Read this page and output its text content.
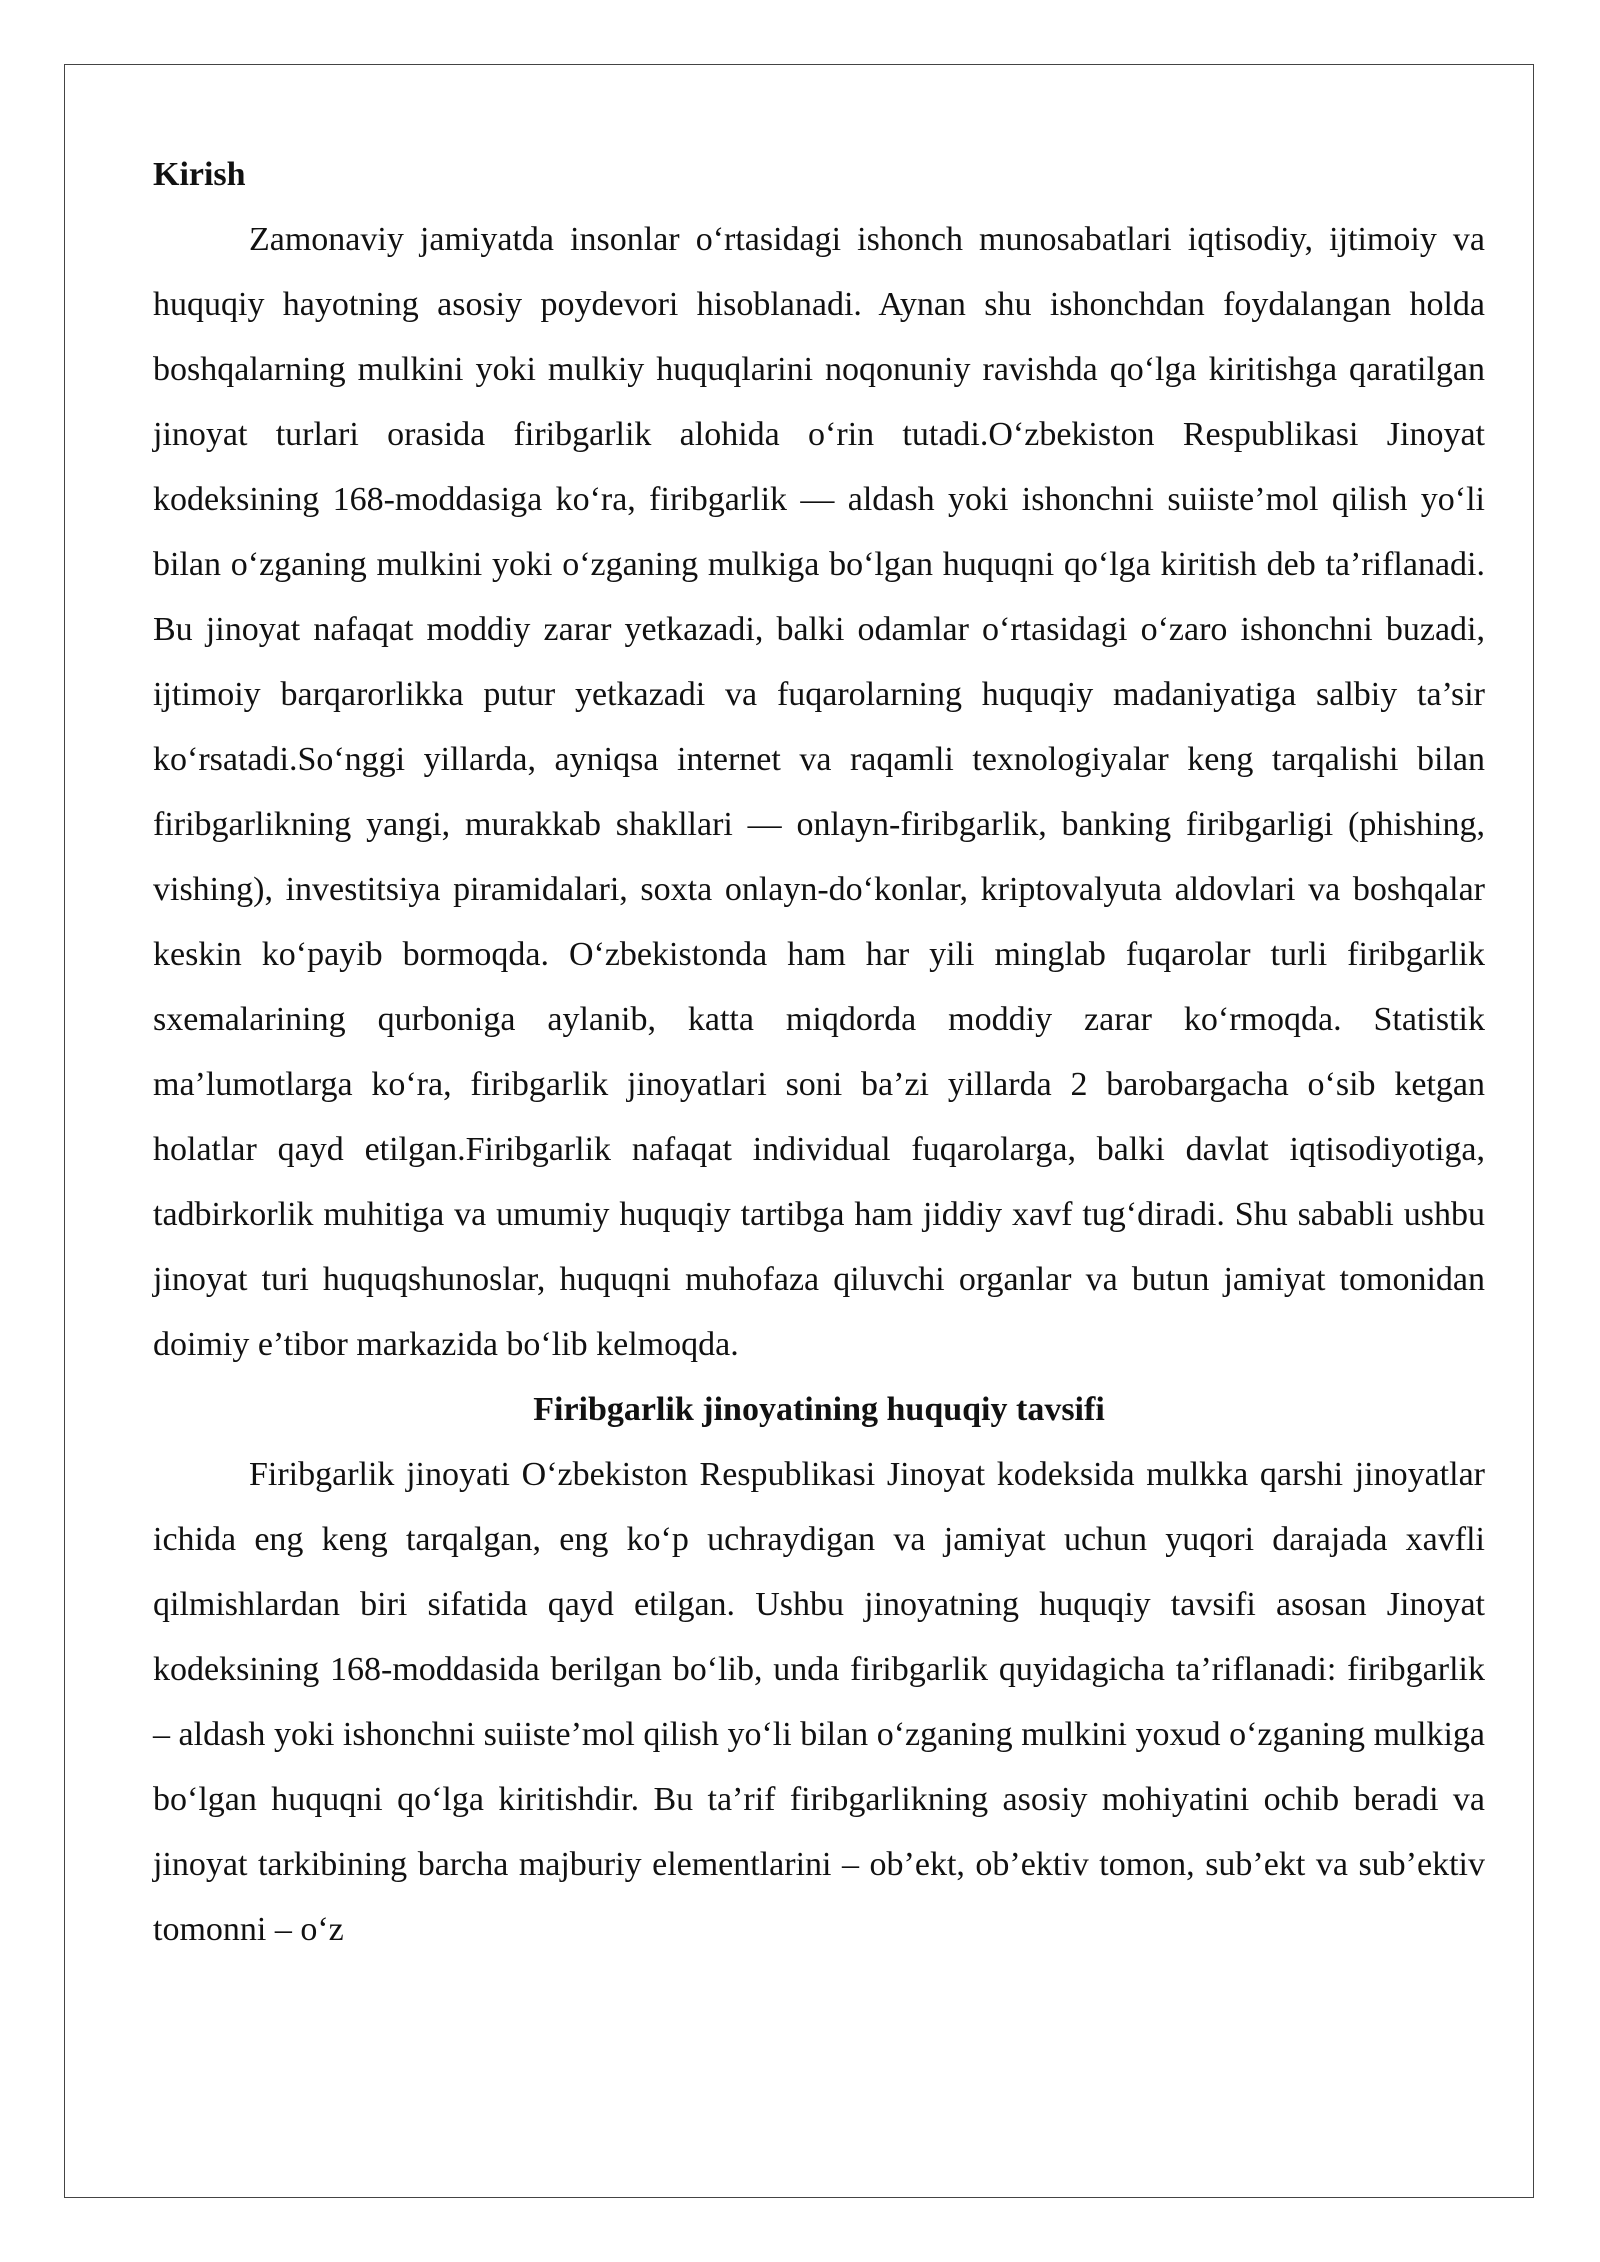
Kirish

Zamonaviy jamiyatda insonlar o‘rtasidagi ishonch munosabatlari iqtisodiy, ijtimoiy va huquqiy hayotning asosiy poydevori hisoblanadi. Aynan shu ishonchdan foydalangan holda boshqalarning mulkini yoki mulkiy huquqlarini noqonuniy ravishda qo‘lga kiritishga qaratilgan jinoyat turlari orasida firibgarlik alohida o‘rin tutadi.O‘zbekiston Respublikasi Jinoyat kodeksining 168-moddasiga ko‘ra, firibgarlik — aldash yoki ishonchni suiiste’mol qilish yo‘li bilan o‘zganing mulkini yoki o‘zganing mulkiga bo‘lgan huquqni qo‘lga kiritish deb ta’riflanadi. Bu jinoyat nafaqat moddiy zarar yetkazadi, balki odamlar o‘rtasidagi o‘zaro ishonchni buzadi, ijtimoiy barqarorlikka putur yetkazadi va fuqarolarning huquqiy madaniyatiga salbiy ta’sir ko‘rsatadi.So‘nggi yillarda, ayniqsa internet va raqamli texnologiyalar keng tarqalishi bilan firibgarlikning yangi, murakkab shakllari — onlayn-firibgarlik, banking firibgarligi (phishing, vishing), investitsiya piramidalari, soxta onlayn-do‘konlar, kriptovalyuta aldovlari va boshqalar keskin ko‘payib bormoqda. O‘zbekistonda ham har yili minglab fuqarolar turli firibgarlik sxemalarining qurboniga aylanib, katta miqdorda moddiy zarar ko‘rmoqda. Statistik ma’lumotlarga ko‘ra, firibgarlik jinoyatlari soni ba’zi yillarda 2 barobargacha o‘sib ketgan holatlar qayd etilgan.Firibgarlik nafaqat individual fuqarolarga, balki davlat iqtisodiyotiga, tadbirkorlik muhitiga va umumiy huquqiy tartibga ham jiddiy xavf tug‘diradi. Shu sababli ushbu jinoyat turi huquqshunoslar, huquqni muhofaza qiluvchi organlar va butun jamiyat tomonidan doimiy e’tibor markazida bo‘lib kelmoqda.

Firibgarlik jinoyatining huquqiy tavsifi

Firibgarlik jinoyati O‘zbekiston Respublikasi Jinoyat kodeksida mulkka qarshi jinoyatlar ichida eng keng tarqalgan, eng ko‘p uchraydigan va jamiyat uchun yuqori darajada xavfli qilmishlardan biri sifatida qayd etilgan. Ushbu jinoyatning huquqiy tavsifi asosan Jinoyat kodeksining 168-moddasida berilgan bo‘lib, unda firibgarlik quyidagicha ta’riflanadi: firibgarlik – aldash yoki ishonchni suiiste’mol qilish yo‘li bilan o‘zganing mulkini yoxud o‘zganing mulkiga bo‘lgan huquqni qo‘lga kiritishdir. Bu ta’rif firibgarlikning asosiy mohiyatini ochib beradi va jinoyat tarkibining barcha majburiy elementlarini – ob’ekt, ob’ektiv tomon, sub’ekt va sub’ektiv tomonni – o‘z
